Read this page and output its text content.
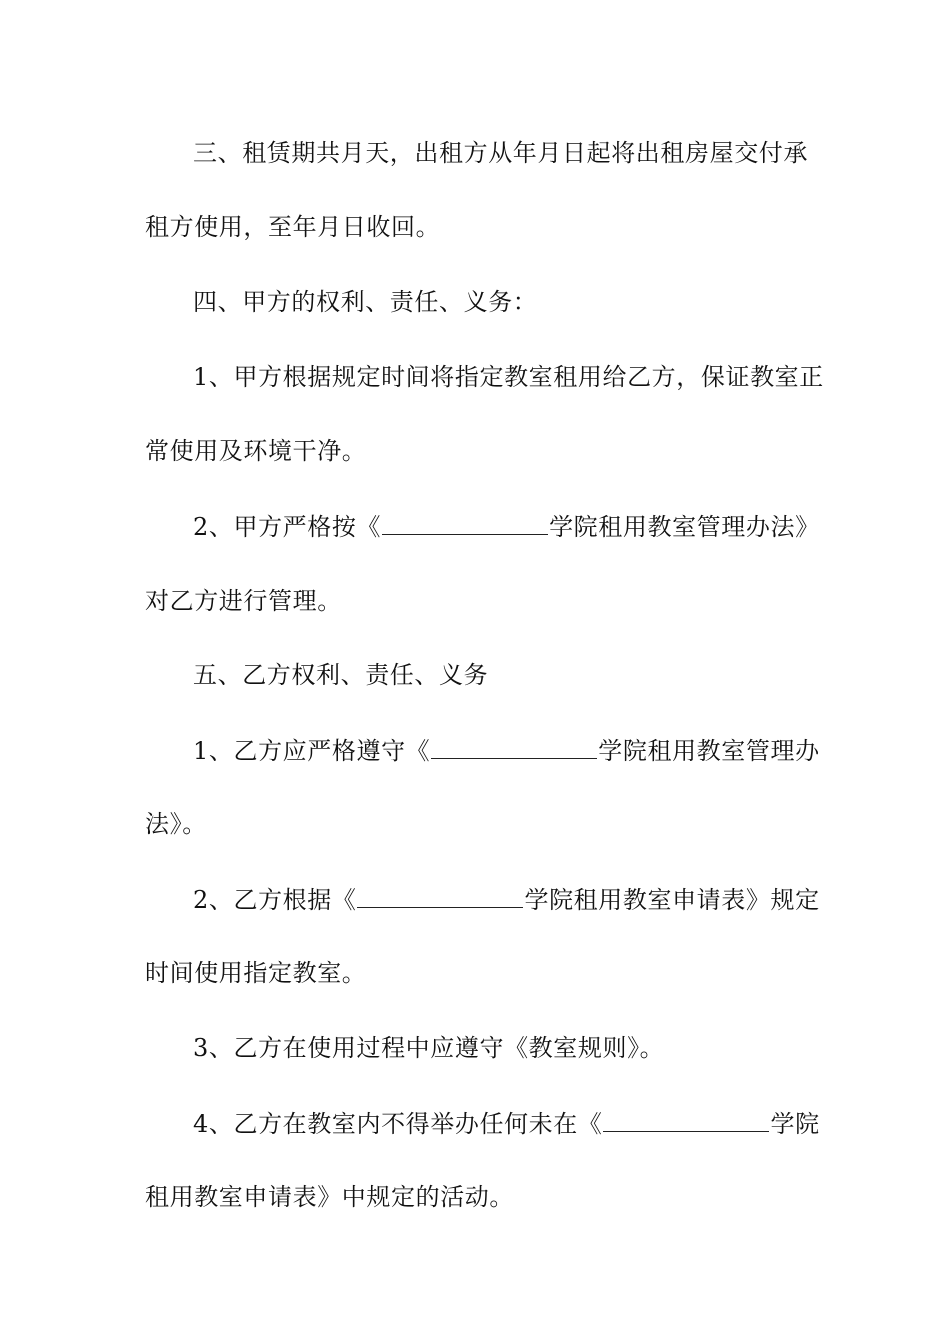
三、租赁期共月天，出租方从年月日起将出租房屋交付承
租方使用，至年月日收回。
四、甲方的权利、责任、义务：
1、甲方根据规定时间将指定教室租用给乙方，保证教室正
常使用及环境干净。
2、甲方严格按《	学院租用教室管理办法》
对乙方进行管理。
五、乙方权利、责任、义务
1、乙方应严格遵守《	学院租用教室管理办
法》。
2、乙方根据《	学院租用教室申请表》规定
时间使用指定教室。
3、乙方在使用过程中应遵守《教室规则》。
4、乙方在教室内不得举办任何未在《	学院
租用教室申请表》中规定的活动。
